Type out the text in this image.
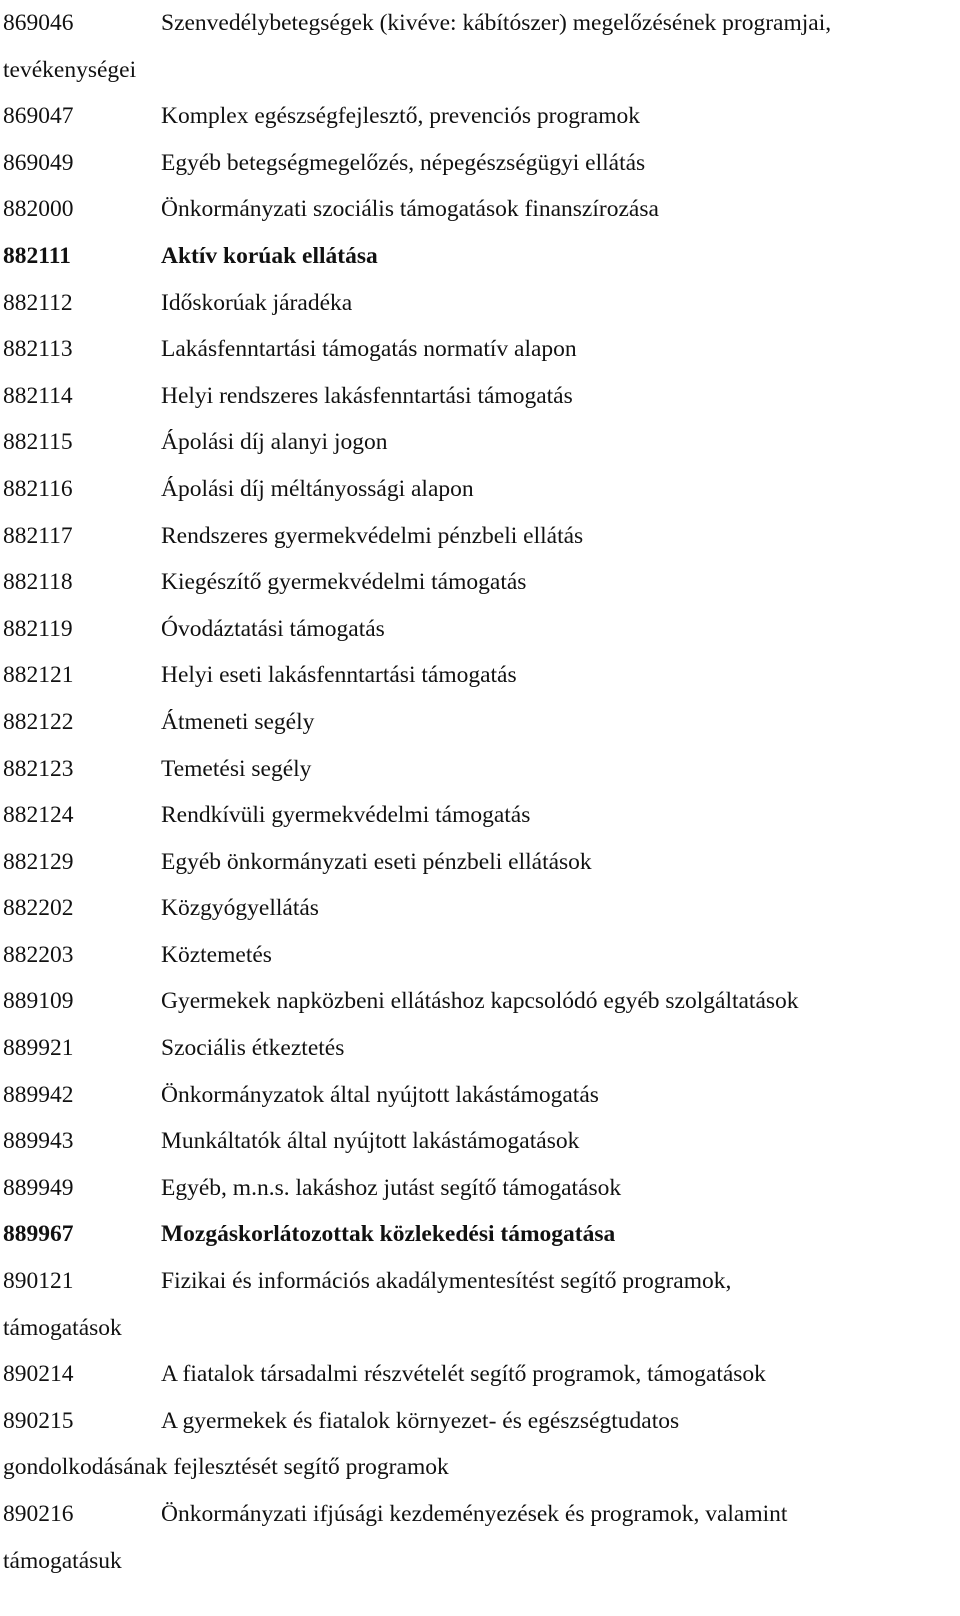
869046	Szenvedélybetegségek (kivéve: kábítószer) megelőzésének programjai,
tevékenységei
869047	Komplex egészségfejlesztő, prevenciós programok
869049	Egyéb betegségmegelőzés, népegészségügyi ellátás
882000	Önkormányzati szociális támogatások finanszírozása
882111	Aktív korúak ellátása
882112	Időskorúak járadéka
882113	Lakásfenntartási támogatás normatív alapon
882114	Helyi rendszeres lakásfenntartási támogatás
882115	Ápolási díj alanyi jogon
882116	Ápolási díj méltányossági alapon
882117	Rendszeres gyermekvédelmi pénzbeli ellátás
882118	Kiegészítő gyermekvédelmi támogatás
882119	Óvodáztatási támogatás
882121	Helyi eseti lakásfenntartási támogatás
882122	Átmeneti segély
882123	Temetési segély
882124	Rendkívüli gyermekvédelmi támogatás
882129	Egyéb önkormányzati eseti pénzbeli ellátások
882202	Közgyógyellátás
882203	Köztemetés
889109	Gyermekek napközbeni ellátáshoz kapcsolódó egyéb szolgáltatások
889921	Szociális étkeztetés
889942	Önkormányzatok által nyújtott lakástámogatás
889943	Munkáltatók által nyújtott lakástámogatások
889949	Egyéb, m.n.s. lakáshoz jutást segítő támogatások
889967	Mozgáskorlátozottak közlekedési támogatása
890121	Fizikai és információs akadálymentesítést segítő programok,
támogatások
890214	A fiatalok társadalmi részvételét segítő programok, támogatások
890215	A gyermekek és fiatalok környezet- és egészségtudatos
gondolkodásának fejlesztését segítő programok
890216	Önkormányzati ifjúsági kezdeményezések és programok, valamint
támogatásuk
